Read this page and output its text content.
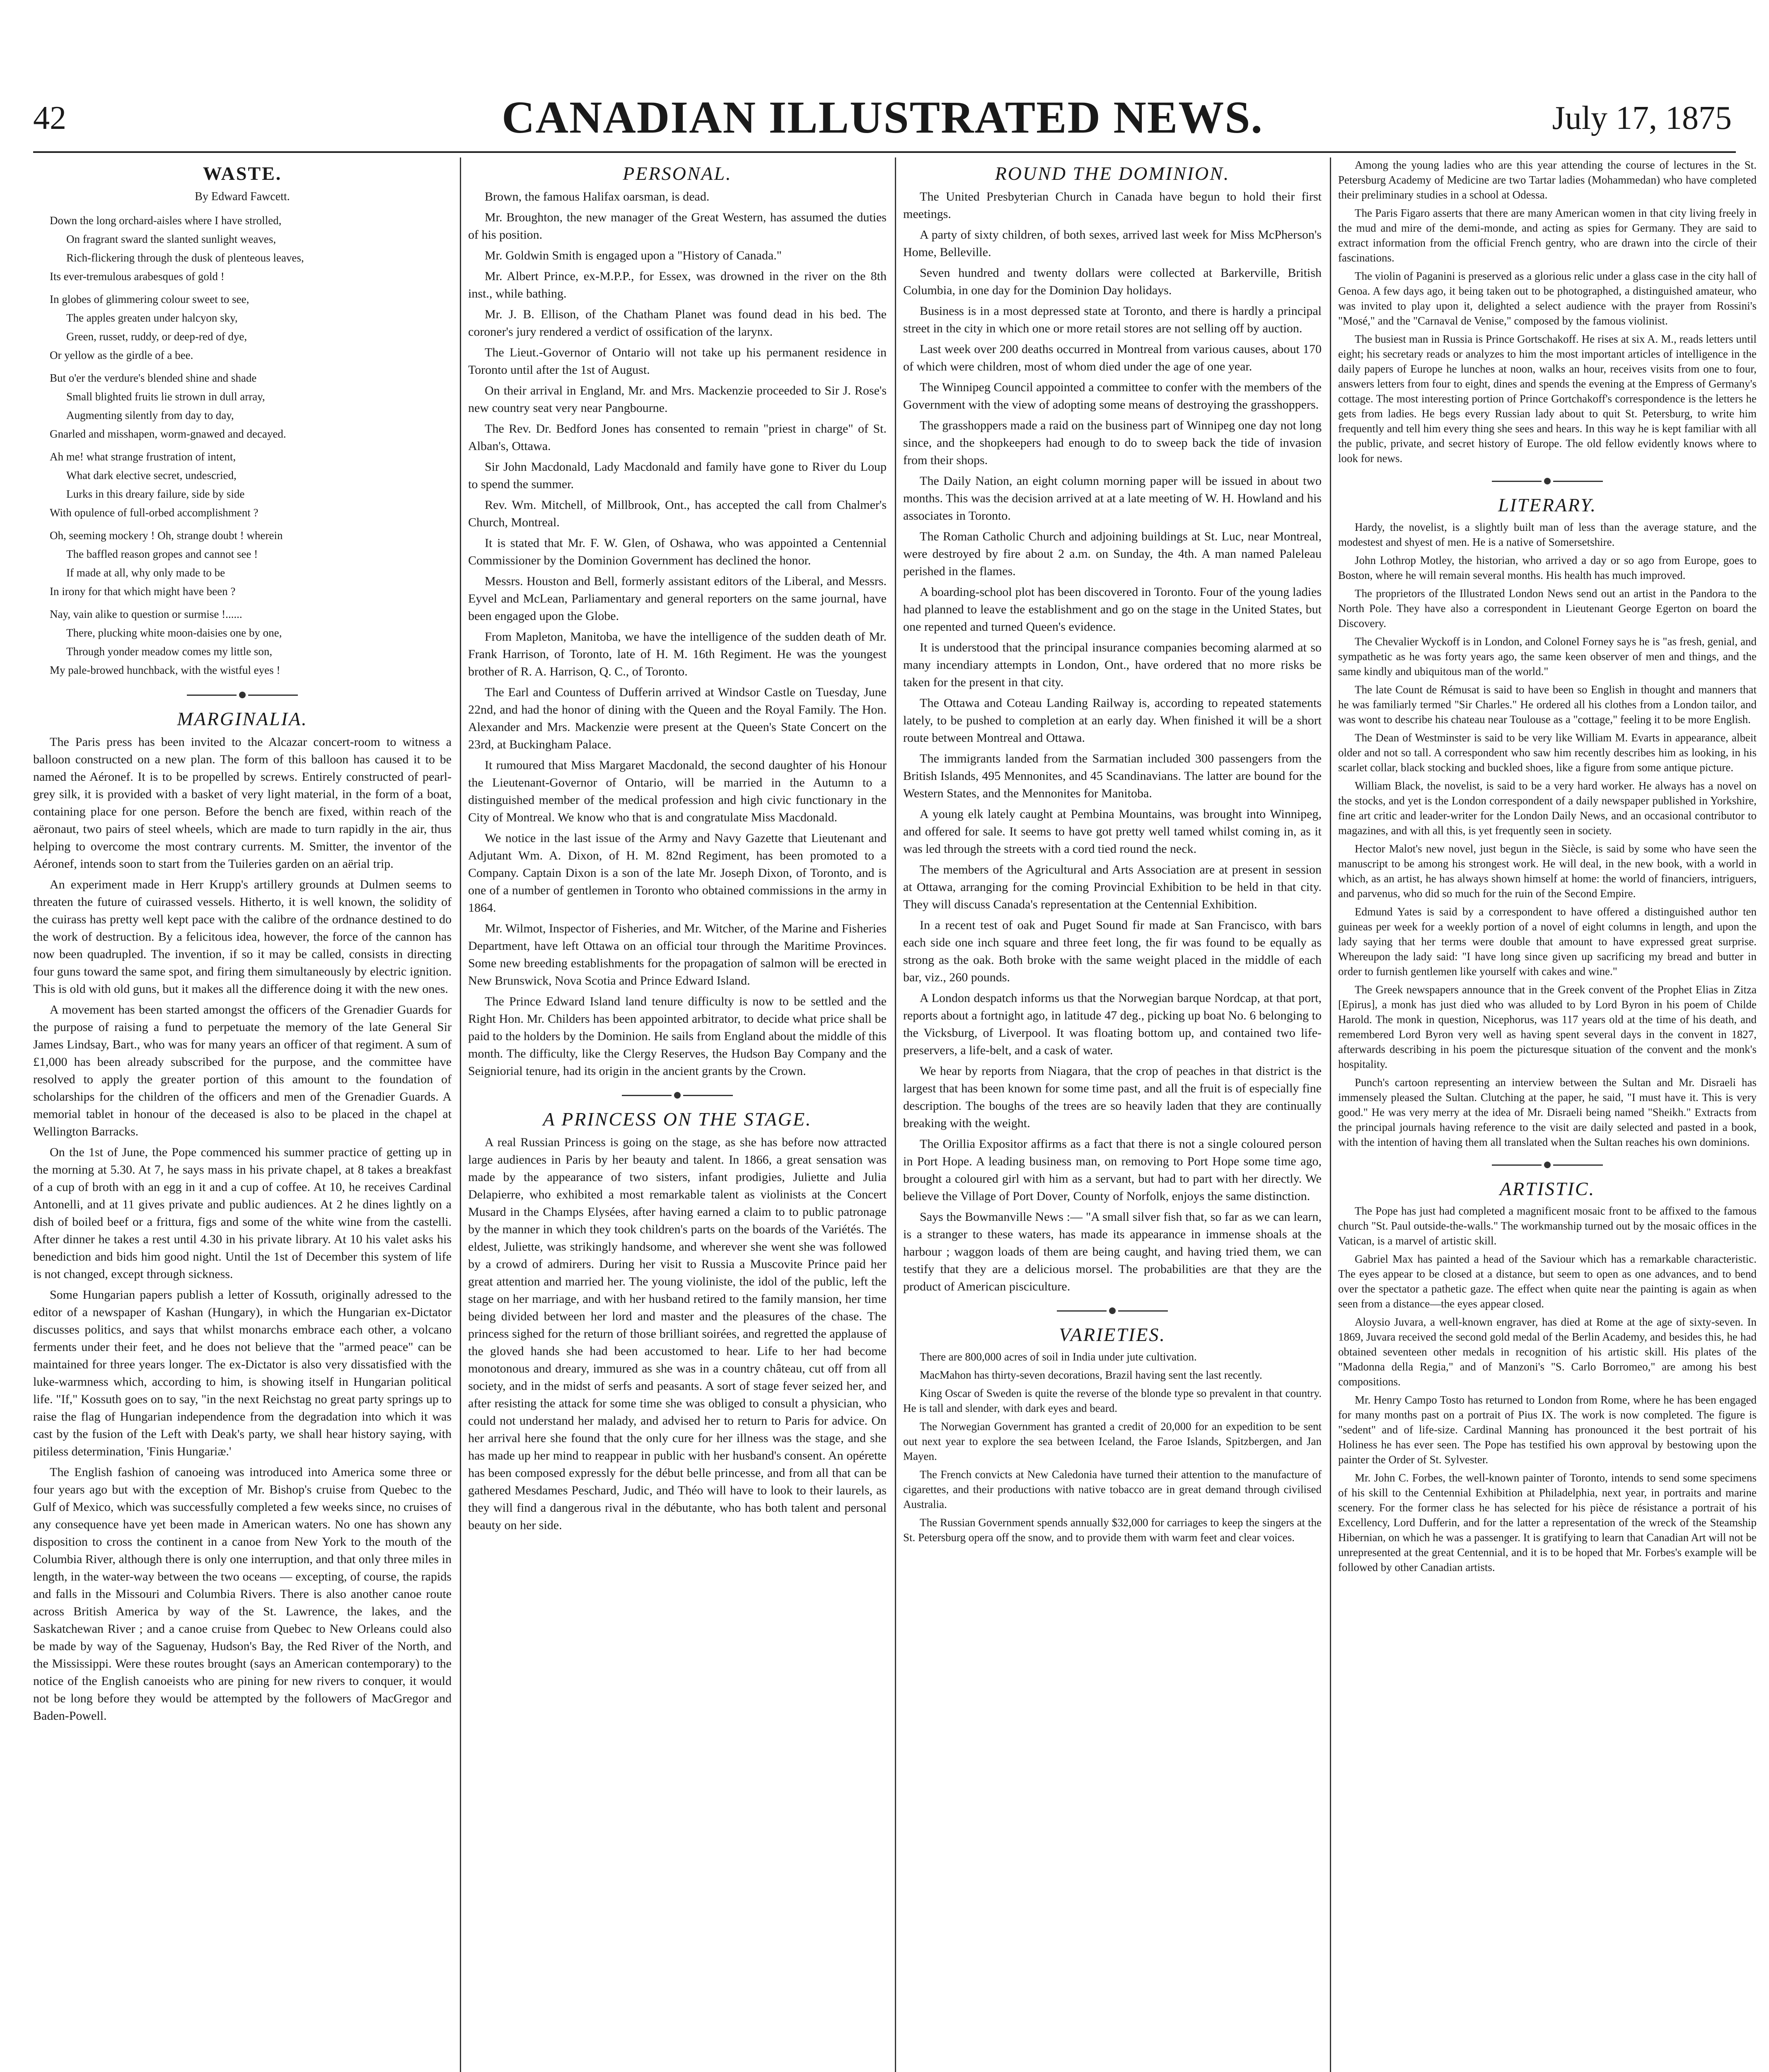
42	CANADIAN ILLUSTRATED NEWS.	July 17, 1875
WASTE.
By Edward Fawcett.

Down the long orchard-aisles where I have strolled,

On fragrant sward the slanted sunlight weaves,

Rich-flickering through the dusk of plenteous leaves,

Its ever-tremulous arabesques of gold !

In globes of glimmering colour sweet to see,

The apples greaten under halcyon sky,

Green, russet, ruddy, or deep-red of dye,

Or yellow as the girdle of a bee.

But o'er the verdure's blended shine and shade

Small blighted fruits lie strown in dull array,

Augmenting silently from day to day,

Gnarled and misshapen, worm-gnawed and decayed.

Ah me! what strange frustration of intent,

What dark elective secret, undescried,

Lurks in this dreary failure, side by side

With opulence of full-orbed accomplishment ?

Oh, seeming mockery ! Oh, strange doubt ! wherein

The baffled reason gropes and cannot see !

If made at all, why only made to be

In irony for that which might have been ?

Nay, vain alike to question or surmise !......

There, plucking white moon-daisies one by one,

Through yonder meadow comes my little son,

My pale-browed hunchback, with the wistful eyes !

MARGINALIA.

The Paris press has been invited to the Alcazar concert-room to witness a balloon constructed on a new plan. The form of this balloon has caused it to be named the Aéronef. It is to be propelled by screws. Entirely constructed of pearl-grey silk, it is provided with a basket of very light material, in the form of a boat, containing place for one person. Before the bench are fixed, within reach of the aëronaut, two pairs of steel wheels, which are made to turn rapidly in the air, thus helping to overcome the most contrary currents. M. Smitter, the inventor of the Aéronef, intends soon to start from the Tuileries garden on an aërial trip.

An experiment made in Herr Krupp's artillery grounds at Dulmen seems to threaten the future of cuirassed vessels. Hitherto, it is well known, the solidity of the cuirass has pretty well kept pace with the calibre of the ordnance destined to do the work of destruction. By a felicitous idea, however, the force of the cannon has now been quadrupled. The invention, if so it may be called, consists in directing four guns toward the same spot, and firing them simultaneously by electric ignition. This is old with old guns, but it makes all the difference doing it with the new ones.

A movement has been started amongst the officers of the Grenadier Guards for the purpose of raising a fund to perpetuate the memory of the late General Sir James Lindsay, Bart., who was for many years an officer of that regiment. A sum of £1,000 has been already subscribed for the purpose, and the committee have resolved to apply the greater portion of this amount to the foundation of scholarships for the children of the officers and men of the Grenadier Guards. A memorial tablet in honour of the deceased is also to be placed in the chapel at Wellington Barracks.

On the 1st of June, the Pope commenced his summer practice of getting up in the morning at 5.30. At 7, he says mass in his private chapel, at 8 takes a breakfast of a cup of broth with an egg in it and a cup of coffee. At 10, he receives Cardinal Antonelli, and at 11 gives private and public audiences. At 2 he dines lightly on a dish of boiled beef or a frittura, figs and some of the white wine from the castelli. After dinner he takes a rest until 4.30 in his private library. At 10 his valet asks his benediction and bids him good night. Until the 1st of December this system of life is not changed, except through sickness.

Some Hungarian papers publish a letter of Kossuth, originally adressed to the editor of a newspaper of Kashan (Hungary), in which the Hungarian ex-Dictator discusses politics, and says that whilst monarchs embrace each other, a volcano ferments under their feet, and he does not believe that the "armed peace" can be maintained for three years longer. The ex-Dictator is also very dissatisfied with the luke-warmness which, according to him, is showing itself in Hungarian political life. "If," Kossuth goes on to say, "in the next Reichstag no great party springs up to raise the flag of Hungarian independence from the degradation into which it was cast by the fusion of the Left with Deak's party, we shall hear history saying, with pitiless determination, 'Finis Hungariæ.'

The English fashion of canoeing was introduced into America some three or four years ago but with the exception of Mr. Bishop's cruise from Quebec to the Gulf of Mexico, which was successfully completed a few weeks since, no cruises of any consequence have yet been made in American waters. No one has shown any disposition to cross the continent in a canoe from New York to the mouth of the Columbia River, although there is only one interruption, and that only three miles in length, in the water-way between the two oceans — excepting, of course, the rapids and falls in the Missouri and Columbia Rivers. There is also another canoe route across British America by way of the St. Lawrence, the lakes, and the Saskatchewan River ; and a canoe cruise from Quebec to New Orleans could also be made by way of the Saguenay, Hudson's Bay, the Red River of the North, and the Mississippi. Were these routes brought (says an American contemporary) to the notice of the English canoeists who are pining for new rivers to conquer, it would not be long before they would be attempted by the followers of MacGregor and Baden-Powell.

PERSONAL.

Brown, the famous Halifax oarsman, is dead.

Mr. Broughton, the new manager of the Great Western, has assumed the duties of his position.

Mr. Goldwin Smith is engaged upon a "History of Canada."

Mr. Albert Prince, ex-M.P.P., for Essex, was drowned in the river on the 8th inst., while bathing.

Mr. J. B. Ellison, of the Chatham Planet was found dead in his bed. The coroner's jury rendered a verdict of ossification of the larynx.

The Lieut.-Governor of Ontario will not take up his permanent residence in Toronto until after the 1st of August.

On their arrival in England, Mr. and Mrs. Mackenzie proceeded to Sir J. Rose's new country seat very near Pangbourne.

The Rev. Dr. Bedford Jones has consented to remain "priest in charge" of St. Alban's, Ottawa.

Sir John Macdonald, Lady Macdonald and family have gone to River du Loup to spend the summer.

Rev. Wm. Mitchell, of Millbrook, Ont., has accepted the call from Chalmer's Church, Montreal.

It is stated that Mr. F. W. Glen, of Oshawa, who was appointed a Centennial Commissioner by the Dominion Government has declined the honor.

Messrs. Houston and Bell, formerly assistant editors of the Liberal, and Messrs. Eyvel and McLean, Parliamentary and general reporters on the same journal, have been engaged upon the Globe.

From Mapleton, Manitoba, we have the intelligence of the sudden death of Mr. Frank Harrison, of Toronto, late of H. M. 16th Regiment. He was the youngest brother of R. A. Harrison, Q. C., of Toronto.

The Earl and Countess of Dufferin arrived at Windsor Castle on Tuesday, June 22nd, and had the honor of dining with the Queen and the Royal Family. The Hon. Alexander and Mrs. Mackenzie were present at the Queen's State Concert on the 23rd, at Buckingham Palace.

It rumoured that Miss Margaret Macdonald, the second daughter of his Honour the Lieutenant-Governor of Ontario, will be married in the Autumn to a distinguished member of the medical profession and high civic functionary in the City of Montreal. We know who that is and congratulate Miss Macdonald.

We notice in the last issue of the Army and Navy Gazette that Lieutenant and Adjutant Wm. A. Dixon, of H. M. 82nd Regiment, has been promoted to a Company. Captain Dixon is a son of the late Mr. Joseph Dixon, of Toronto, and is one of a number of gentlemen in Toronto who obtained commissions in the army in 1864.

Mr. Wilmot, Inspector of Fisheries, and Mr. Witcher, of the Marine and Fisheries Department, have left Ottawa on an official tour through the Maritime Provinces. Some new breeding establishments for the propagation of salmon will be erected in New Brunswick, Nova Scotia and Prince Edward Island.

The Prince Edward Island land tenure difficulty is now to be settled and the Right Hon. Mr. Childers has been appointed arbitrator, to decide what price shall be paid to the holders by the Dominion. He sails from England about the middle of this month. The difficulty, like the Clergy Reserves, the Hudson Bay Company and the Seigniorial tenure, had its origin in the ancient grants by the Crown.

A PRINCESS ON THE STAGE.

A real Russian Princess is going on the stage, as she has before now attracted large audiences in Paris by her beauty and talent. In 1866, a great sensation was made by the appearance of two sisters, infant prodigies, Juliette and Julia Delapierre, who exhibited a most remarkable talent as violinists at the Concert Musard in the Champs Elysées, after having earned a claim to to public patronage by the manner in which they took children's parts on the boards of the Variétés. The eldest, Juliette, was strikingly handsome, and wherever she went she was followed by a crowd of admirers. During her visit to Russia a Muscovite Prince paid her great attention and married her. The young violiniste, the idol of the public, left the stage on her marriage, and with her husband retired to the family mansion, her time being divided between her lord and master and the pleasures of the chase. The princess sighed for the return of those brilliant soirées, and regretted the applause of the gloved hands she had been accustomed to hear. Life to her had become monotonous and dreary, immured as she was in a country château, cut off from all society, and in the midst of serfs and peasants. A sort of stage fever seized her, and after resisting the attack for some time she was obliged to consult a physician, who could not understand her malady, and advised her to return to Paris for advice. On her arrival here she found that the only cure for her illness was the stage, and she has made up her mind to reappear in public with her husband's consent. An opérette has been composed expressly for the début belle princesse, and from all that can be gathered Mesdames Peschard, Judic, and Théo will have to look to their laurels, as they will find a dangerous rival in the débutante, who has both talent and personal beauty on her side.

ROUND THE DOMINION.

The United Presbyterian Church in Canada have begun to hold their first meetings.

A party of sixty children, of both sexes, arrived last week for Miss McPherson's Home, Belleville.

Seven hundred and twenty dollars were collected at Barkerville, British Columbia, in one day for the Dominion Day holidays.

Business is in a most depressed state at Toronto, and there is hardly a principal street in the city in which one or more retail stores are not selling off by auction.

Last week over 200 deaths occurred in Montreal from various causes, about 170 of which were children, most of whom died under the age of one year.

The Winnipeg Council appointed a committee to confer with the members of the Government with the view of adopting some means of destroying the grasshoppers.

The grasshoppers made a raid on the business part of Winnipeg one day not long since, and the shopkeepers had enough to do to sweep back the tide of invasion from their shops.

The Daily Nation, an eight column morning paper will be issued in about two months. This was the decision arrived at at a late meeting of W. H. Howland and his associates in Toronto.

The Roman Catholic Church and adjoining buildings at St. Luc, near Montreal, were destroyed by fire about 2 a.m. on Sunday, the 4th. A man named Paleleau perished in the flames.

A boarding-school plot has been discovered in Toronto. Four of the young ladies had planned to leave the establishment and go on the stage in the United States, but one repented and turned Queen's evidence.

It is understood that the principal insurance companies becoming alarmed at so many incendiary attempts in London, Ont., have ordered that no more risks be taken for the present in that city.

The Ottawa and Coteau Landing Railway is, according to repeated statements lately, to be pushed to completion at an early day. When finished it will be a short route between Montreal and Ottawa.

The immigrants landed from the Sarmatian included 300 passengers from the British Islands, 495 Mennonites, and 45 Scandinavians. The latter are bound for the Western States, and the Mennonites for Manitoba.

A young elk lately caught at Pembina Mountains, was brought into Winnipeg, and offered for sale. It seems to have got pretty well tamed whilst coming in, as it was led through the streets with a cord tied round the neck.

The members of the Agricultural and Arts Association are at present in session at Ottawa, arranging for the coming Provincial Exhibition to be held in that city. They will discuss Canada's representation at the Centennial Exhibition.

In a recent test of oak and Puget Sound fir made at San Francisco, with bars each side one inch square and three feet long, the fir was found to be equally as strong as the oak. Both broke with the same weight placed in the middle of each bar, viz., 260 pounds.

A London despatch informs us that the Norwegian barque Nordcap, at that port, reports about a fortnight ago, in latitude 47 deg., picking up boat No. 6 belonging to the Vicksburg, of Liverpool. It was floating bottom up, and contained two life-preservers, a life-belt, and a cask of water.

We hear by reports from Niagara, that the crop of peaches in that district is the largest that has been known for some time past, and all the fruit is of especially fine description. The boughs of the trees are so heavily laden that they are continually breaking with the weight.

The Orillia Expositor affirms as a fact that there is not a single coloured person in Port Hope. A leading business man, on removing to Port Hope some time ago, brought a coloured girl with him as a servant, but had to part with her directly. We believe the Village of Port Dover, County of Norfolk, enjoys the same distinction.

Says the Bowmanville News :— "A small silver fish that, so far as we can learn, is a stranger to these waters, has made its appearance in immense shoals at the harbour ; waggon loads of them are being caught, and having tried them, we can testify that they are a delicious morsel. The probabilities are that they are the product of American pisciculture.

VARIETIES.

There are 800,000 acres of soil in India under jute cultivation.

MacMahon has thirty-seven decorations, Brazil having sent the last recently.

King Oscar of Sweden is quite the reverse of the blonde type so prevalent in that country. He is tall and slender, with dark eyes and beard.

The Norwegian Government has granted a credit of 20,000 for an expedition to be sent out next year to explore the sea between Iceland, the Faroe Islands, Spitzbergen, and Jan Mayen.

The French convicts at New Caledonia have turned their attention to the manufacture of cigarettes, and their productions with native tobacco are in great demand through civilised Australia.

The Russian Government spends annually $32,000 for carriages to keep the singers at the St. Petersburg opera off the snow, and to provide them with warm feet and clear voices.

Among the young ladies who are this year attending the course of lectures in the St. Petersburg Academy of Medicine are two Tartar ladies (Mohammedan) who have completed their preliminary studies in a school at Odessa.

The Paris Figaro asserts that there are many American women in that city living freely in the mud and mire of the demi-monde, and acting as spies for Germany. They are said to extract information from the official French gentry, who are drawn into the circle of their fascinations.

The violin of Paganini is preserved as a glorious relic under a glass case in the city hall of Genoa. A few days ago, it being taken out to be photographed, a distinguished amateur, who was invited to play upon it, delighted a select audience with the prayer from Rossini's "Mosé," and the "Carnaval de Venise," composed by the famous violinist.

The busiest man in Russia is Prince Gortschakoff. He rises at six A. M., reads letters until eight; his secretary reads or analyzes to him the most important articles of intelligence in the daily papers of Europe he lunches at noon, walks an hour, receives visits from one to four, answers letters from four to eight, dines and spends the evening at the Empress of Germany's cottage. The most interesting portion of Prince Gortchakoff's correspondence is the letters he gets from ladies. He begs every Russian lady about to quit St. Petersburg, to write him frequently and tell him every thing she sees and hears. In this way he is kept familiar with all the public, private, and secret history of Europe. The old fellow evidently knows where to look for news.

LITERARY.

Hardy, the novelist, is a slightly built man of less than the average stature, and the modestest and shyest of men. He is a native of Somersetshire.

John Lothrop Motley, the historian, who arrived a day or so ago from Europe, goes to Boston, where he will remain several months. His health has much improved.

The proprietors of the Illustrated London News send out an artist in the Pandora to the North Pole. They have also a correspondent in Lieutenant George Egerton on board the Discovery.

The Chevalier Wyckoff is in London, and Colonel Forney says he is "as fresh, genial, and sympathetic as he was forty years ago, the same keen observer of men and things, and the same kindly and ubiquitous man of the world."

The late Count de Rémusat is said to have been so English in thought and manners that he was familiarly termed "Sir Charles." He ordered all his clothes from a London tailor, and was wont to describe his chateau near Toulouse as a "cottage," feeling it to be more English.

The Dean of Westminster is said to be very like William M. Evarts in appearance, albeit older and not so tall. A correspondent who saw him recently describes him as looking, in his scarlet collar, black stocking and buckled shoes, like a figure from some antique picture.

William Black, the novelist, is said to be a very hard worker. He always has a novel on the stocks, and yet is the London correspondent of a daily newspaper published in Yorkshire, fine art critic and leader-writer for the London Daily News, and an occasional contributor to magazines, and with all this, is yet frequently seen in society.

Hector Malot's new novel, just begun in the Siècle, is said by some who have seen the manuscript to be among his strongest work. He will deal, in the new book, with a world in which, as an artist, he has always shown himself at home: the world of financiers, intriguers, and parvenus, who did so much for the ruin of the Second Empire.

Edmund Yates is said by a correspondent to have offered a distinguished author ten guineas per week for a weekly portion of a novel of eight columns in length, and upon the lady saying that her terms were double that amount to have expressed great surprise. Whereupon the lady said: "I have long since given up sacrificing my bread and butter in order to furnish gentlemen like yourself with cakes and wine."

The Greek newspapers announce that in the Greek convent of the Prophet Elias in Zitza [Epirus], a monk has just died who was alluded to by Lord Byron in his poem of Childe Harold. The monk in question, Nicephorus, was 117 years old at the time of his death, and remembered Lord Byron very well as having spent several days in the convent in 1827, afterwards describing in his poem the picturesque situation of the convent and the monk's hospitality.

Punch's cartoon representing an interview between the Sultan and Mr. Disraeli has immensely pleased the Sultan. Clutching at the paper, he said, "I must have it. This is very good." He was very merry at the idea of Mr. Disraeli being named "Sheikh." Extracts from the principal journals having reference to the visit are daily selected and pasted in a book, with the intention of having them all translated when the Sultan reaches his own dominions.

ARTISTIC.

The Pope has just had completed a magnificent mosaic front to be affixed to the famous church "St. Paul outside-the-walls." The workmanship turned out by the mosaic offices in the Vatican, is a marvel of artistic skill.

Gabriel Max has painted a head of the Saviour which has a remarkable characteristic. The eyes appear to be closed at a distance, but seem to open as one advances, and to bend over the spectator a pathetic gaze. The effect when quite near the painting is again as when seen from a distance—the eyes appear closed.

Aloysio Juvara, a well-known engraver, has died at Rome at the age of sixty-seven. In 1869, Juvara received the second gold medal of the Berlin Academy, and besides this, he had obtained seventeen other medals in recognition of his artistic skill. His plates of the "Madonna della Regia," and of Manzoni's "S. Carlo Borromeo," are among his best compositions.

Mr. Henry Campo Tosto has returned to London from Rome, where he has been engaged for many months past on a portrait of Pius IX. The work is now completed. The figure is "sedent" and of life-size. Cardinal Manning has pronounced it the best portrait of his Holiness he has ever seen. The Pope has testified his own approval by bestowing upon the painter the Order of St. Sylvester.

Mr. John C. Forbes, the well-known painter of Toronto, intends to send some specimens of his skill to the Centennial Exhibition at Philadelphia, next year, in portraits and marine scenery. For the former class he has selected for his pièce de résistance a portrait of his Excellency, Lord Dufferin, and for the latter a representation of the wreck of the Steamship Hibernian, on which he was a passenger. It is gratifying to learn that Canadian Art will not be unrepresented at the great Centennial, and it is to be hoped that Mr. Forbes's example will be followed by other Canadian artists.
